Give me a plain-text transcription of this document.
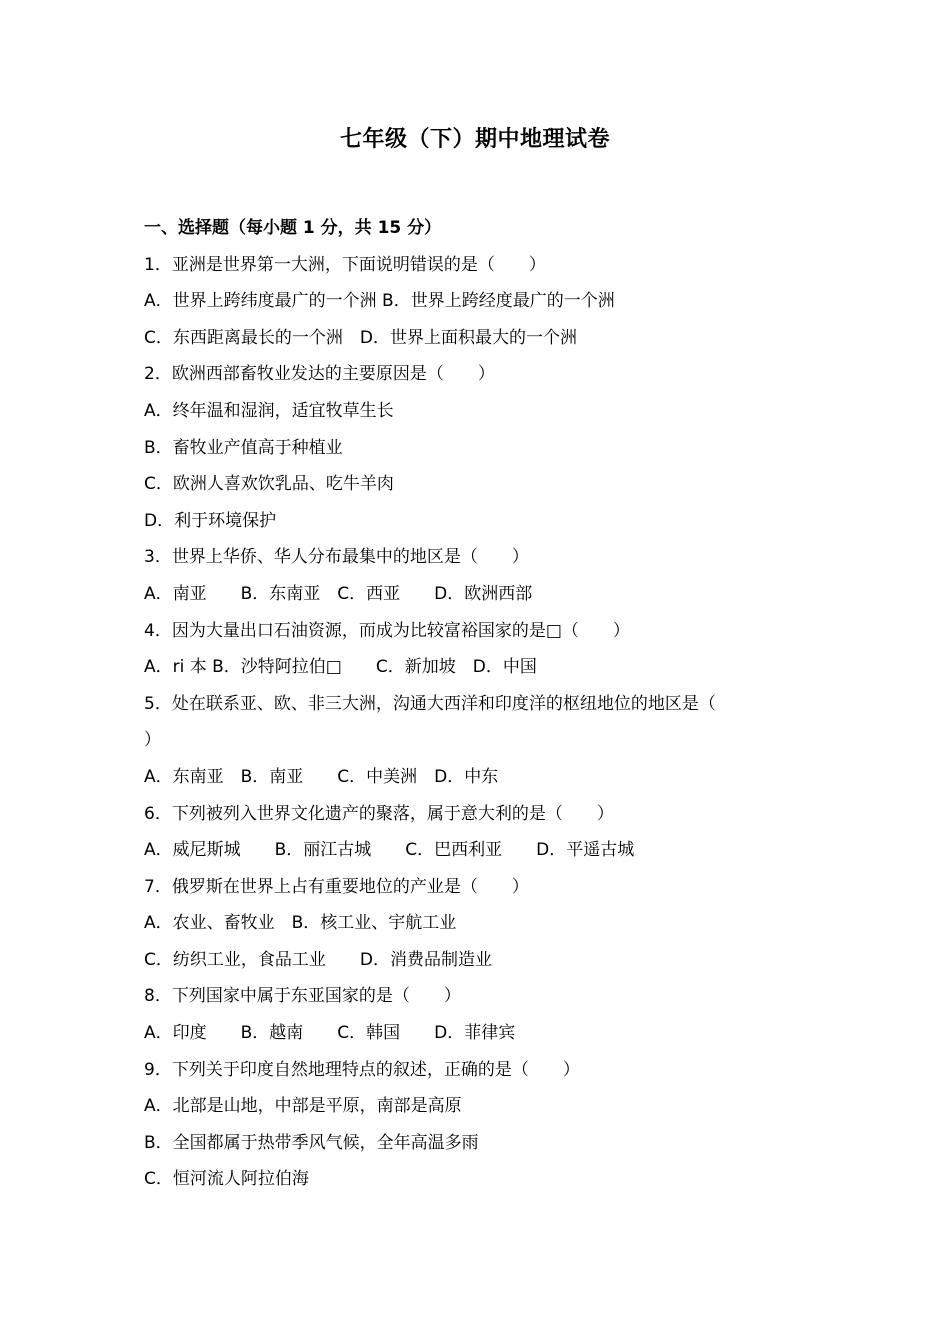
七年级（下）期中地理试卷
一、选择题（每小题 1 分，共 15 分）
1．亚洲是世界第一大洲，下面说明错误的是（　　）
A．世界上跨纬度最广的一个洲 B．世界上跨经度最广的一个洲
C．东西距离最长的一个洲　D．世界上面积最大的一个洲
2．欧洲西部畜牧业发达的主要原因是（　　）
A．终年温和湿润，适宜牧草生长
B．畜牧业产值高于种植业
C．欧洲人喜欢饮乳品、吃牛羊肉
D．利于环境保护
3．世界上华侨、华人分布最集中的地区是（　　）
A．南亚　　B．东南亚　C．西亚　　D．欧洲西部
4．因为大量出口石油资源，而成为比较富裕国家的是□（　　）
A．ri 本 B．沙特阿拉伯□　　C．新加坡　D．中国
5．处在联系亚、欧、非三大洲，沟通大西洋和印度洋的枢纽地位的地区是（
）
A．东南亚　B．南亚　　C．中美洲　D．中东
6．下列被列入世界文化遗产的聚落，属于意大利的是（　　）
A．威尼斯城　　B．丽江古城　　C．巴西利亚　　D．平遥古城
7．俄罗斯在世界上占有重要地位的产业是（　　）
A．农业、畜牧业　B．核工业、宇航工业
C．纺织工业，食品工业　　D．消费品制造业
8．下列国家中属于东亚国家的是（　　）
A．印度　　B．越南　　C．韩国　　D．菲律宾
9．下列关于印度自然地理特点的叙述，正确的是（　　）
A．北部是山地，中部是平原，南部是高原
B．全国都属于热带季风气候，全年高温多雨
C．恒河流人阿拉伯海
